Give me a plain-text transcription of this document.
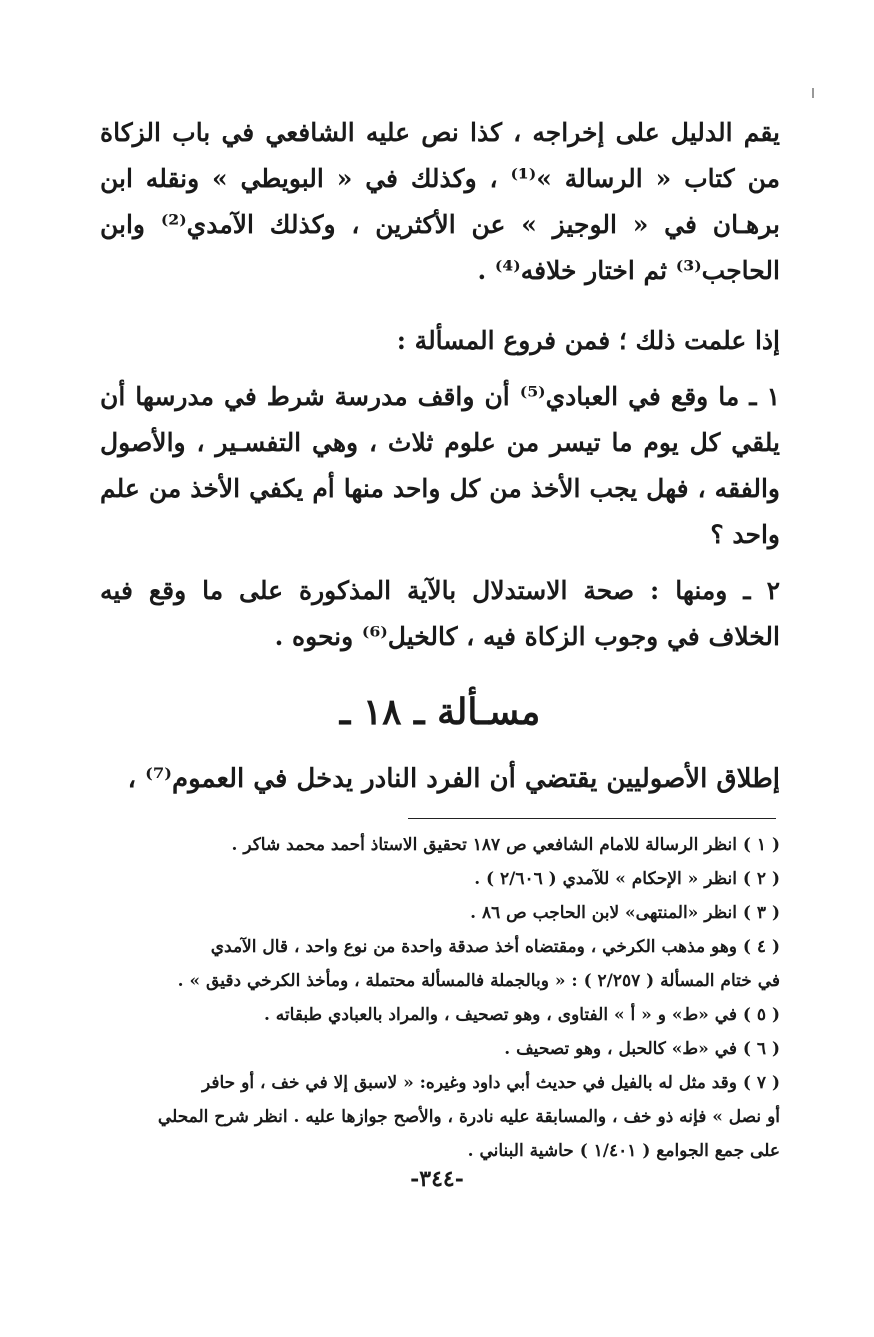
يقم الدليل على إخراجه ، كذا نص عليه الشافعي في باب الزكاة من كتاب « الرسالة »⁽¹⁾ ، وكذلك في « البويطي » ونقله ابن برهـان في « الوجيز » عن الأكثرين ، وكذلك الآمدي⁽²⁾ وابن الحاجب⁽³⁾ ثم اختار خلافه⁽⁴⁾ .

إذا علمت ذلك ؛ فمن فروع المسألة :

١ ـ ما وقع في العبادي⁽⁵⁾ أن واقف مدرسة شرط في مدرسها أن يلقي كل يوم ما تيسر من علوم ثلاث ، وهي التفسـير ، والأصول والفقه ، فهل يجب الأخذ من كل واحد منها أم يكفي الأخذ من علم واحد ؟

٢ ـ ومنها : صحة الاستدلال بالآية المذكورة على ما وقع فيه الخلاف في وجوب الزكاة فيه ، كالخيل⁽⁶⁾ ونحوه .

مسـألة ـ ١٨ ـ
إطلاق الأصوليين يقتضي أن الفرد النادر يدخل في العموم⁽⁷⁾ ،

( ١ ) انظر الرسالة للامام الشافعي ص ١٨٧ تحقيق الاستاذ أحمد محمد شاكر .

( ٢ ) انظر « الإحكام » للآمدي ( ٢/٦٠٦ ) .

( ٣ ) انظر «المنتهى» لابن الحاجب ص ٨٦ .

( ٤ ) وهو مذهب الكرخي ، ومقتضاه أخذ صدقة واحدة من نوع واحد ، قال الآمدي

في ختام المسألة ( ٢/٢٥٧ ) : « وبالجملة فالمسألة محتملة ، ومأخذ الكرخي دقيق » .

( ٥ ) في «ط» و « أ » الفتاوى ، وهو تصحيف ، والمراد بالعبادي طبقاته .

( ٦ ) في «ط» كالحبل ، وهو تصحيف .

( ٧ ) وقد مثل له بالفيل في حديث أبي داود وغيره: « لاسبق إلا في خف ، أو حافر

أو نصل » فإنه ذو خف ، والمسابقة عليه نادرة ، والأصح جوازها عليه . انظر شرح المحلي

على جمع الجوامع ( ١/٤٠١ ) حاشية البناني .

-٣٤٤-
